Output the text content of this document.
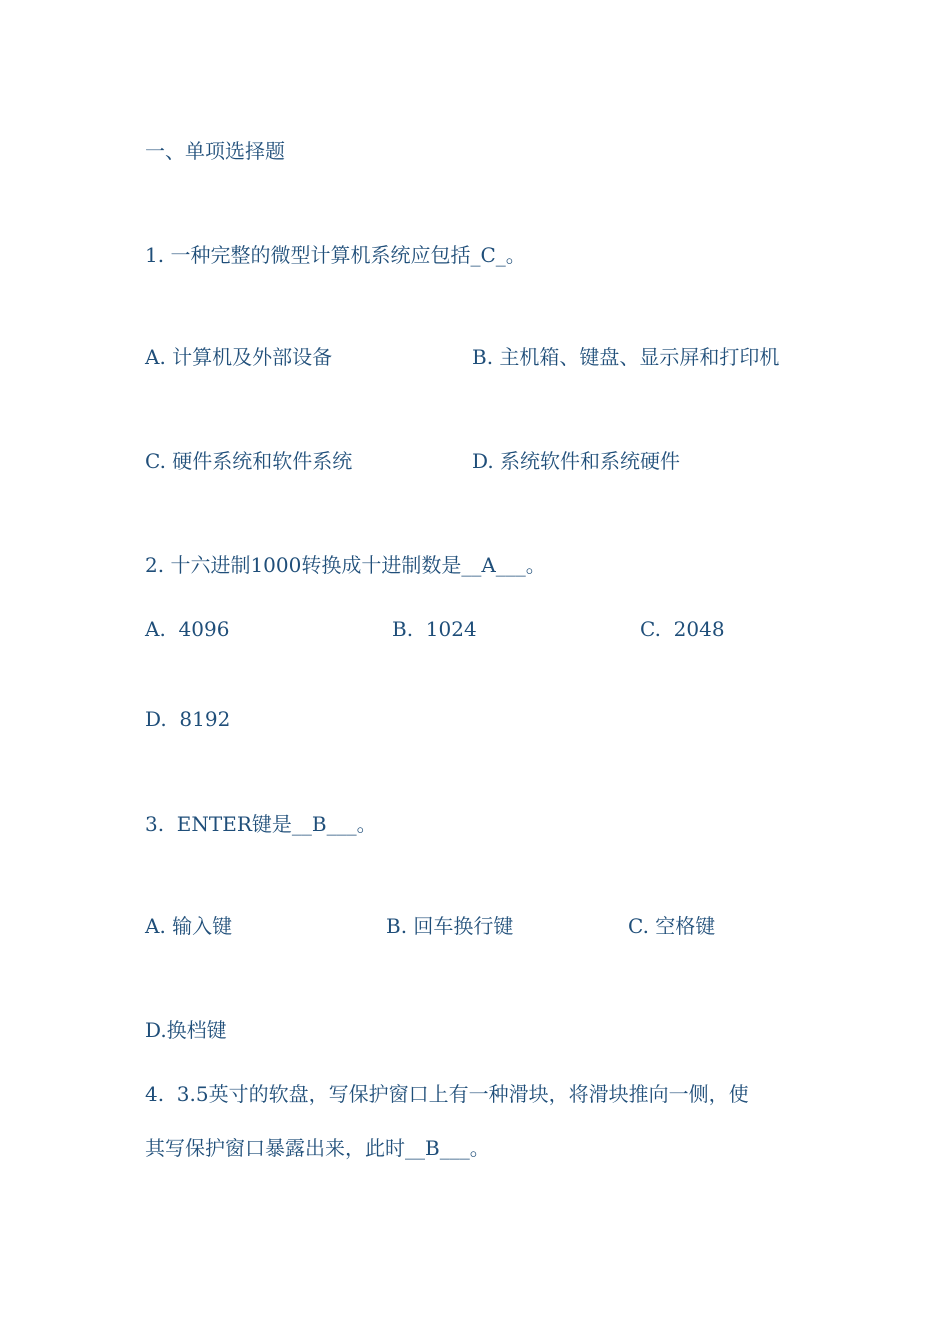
一、单项选择题
1. 一种完整的微型计算机系统应包括_C_。
A. 计算机及外部设备	B. 主机箱、键盘、显示屏和打印机
C. 硬件系统和软件系统	D. 系统软件和系统硬件
2. 十六进制1000转换成十进制数是__A___。
A.  4096	B.  1024	C.  2048
D.  8192
3.  ENTER键是__B___。
A. 输入键	B. 回车换行键	C. 空格键
D.换档键
4.  3.5英寸的软盘，写保护窗口上有一种滑块，将滑块推向一侧，使
其写保护窗口暴露出来，此时__B___。
